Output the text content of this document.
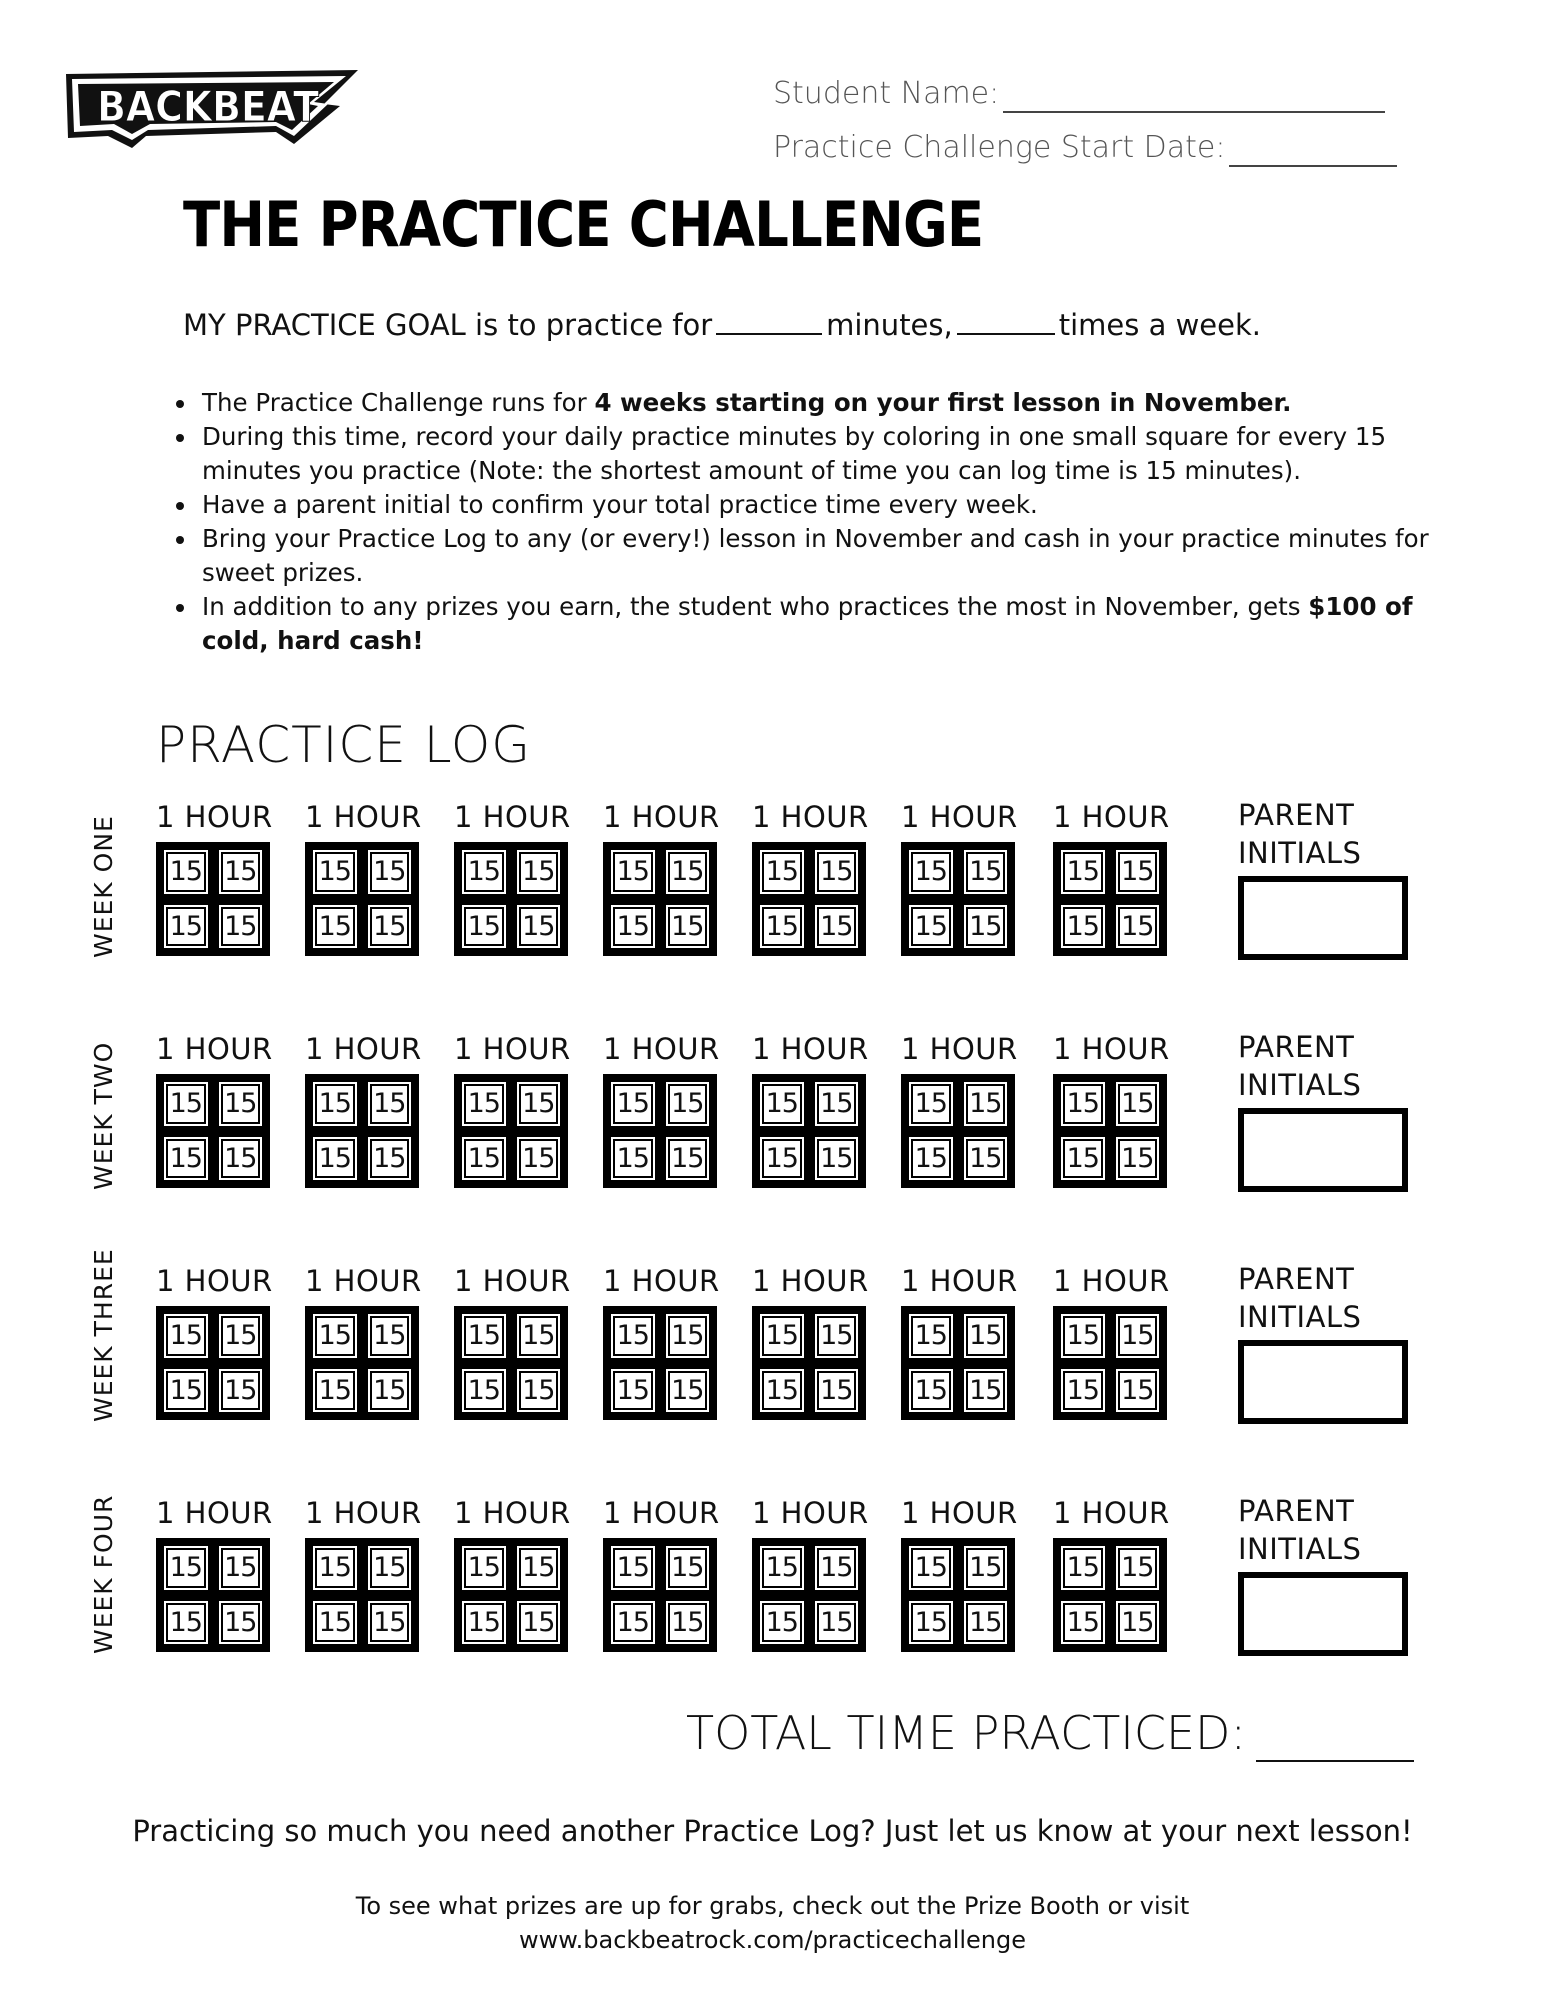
BACKBEAT	Student Name:
Practice Challenge Start Date:
THE PRACTICE CHALLENGE
MY PRACTICE GOAL is to practice for	minutes,	times a week.
• The Practice Challenge runs for 4 weeks starting on your first lesson in November.
• During this time, record your daily practice minutes by coloring in one small square for every 15 minutes you practice (Note: the shortest amount of time you can log time is 15 minutes).
• Have a parent initial to confirm your total practice time every week.
• Bring your Practice Log to any (or every!) lesson in November and cash in your practice minutes for sweet prizes.
• In addition to any prizes you earn, the student who practices the most in November, gets $100 of cold, hard cash!
PRACTICE LOG
WEEK ONE 1 HOUR
15 15
15 15
1 HOUR
15 15
15 15
1 HOUR
15 15
15 15
1 HOUR
15 15
15 15
1 HOUR
15 15
15 15
1 HOUR
15 15
15 15
1 HOUR
15 15
15 15
PARENT
INITIALS
WEEK TWO 1 HOUR
15 15
15 15
1 HOUR
15 15
15 15
1 HOUR
15 15
15 15
1 HOUR
15 15
15 15
1 HOUR
15 15
15 15
1 HOUR
15 15
15 15
1 HOUR
15 15
15 15
PARENT
INITIALS
WEEK THREE 1 HOUR
15 15
15 15
1 HOUR
15 15
15 15
1 HOUR
15 15
15 15
1 HOUR
15 15
15 15
1 HOUR
15 15
15 15
1 HOUR
15 15
15 15
1 HOUR
15 15
15 15
PARENT
INITIALS
WEEK FOUR 1 HOUR
15 15
15 15
1 HOUR
15 15
15 15
1 HOUR
15 15
15 15
1 HOUR
15 15
15 15
1 HOUR
15 15
15 15
1 HOUR
15 15
15 15
1 HOUR
15 15
15 15
PARENT
INITIALS
TOTAL TIME PRACTICED:
Practicing so much you need another Practice Log? Just let us know at your next lesson!
To see what prizes are up for grabs, check out the Prize Booth or visit
www.backbeatrock.com/practicechallenge
